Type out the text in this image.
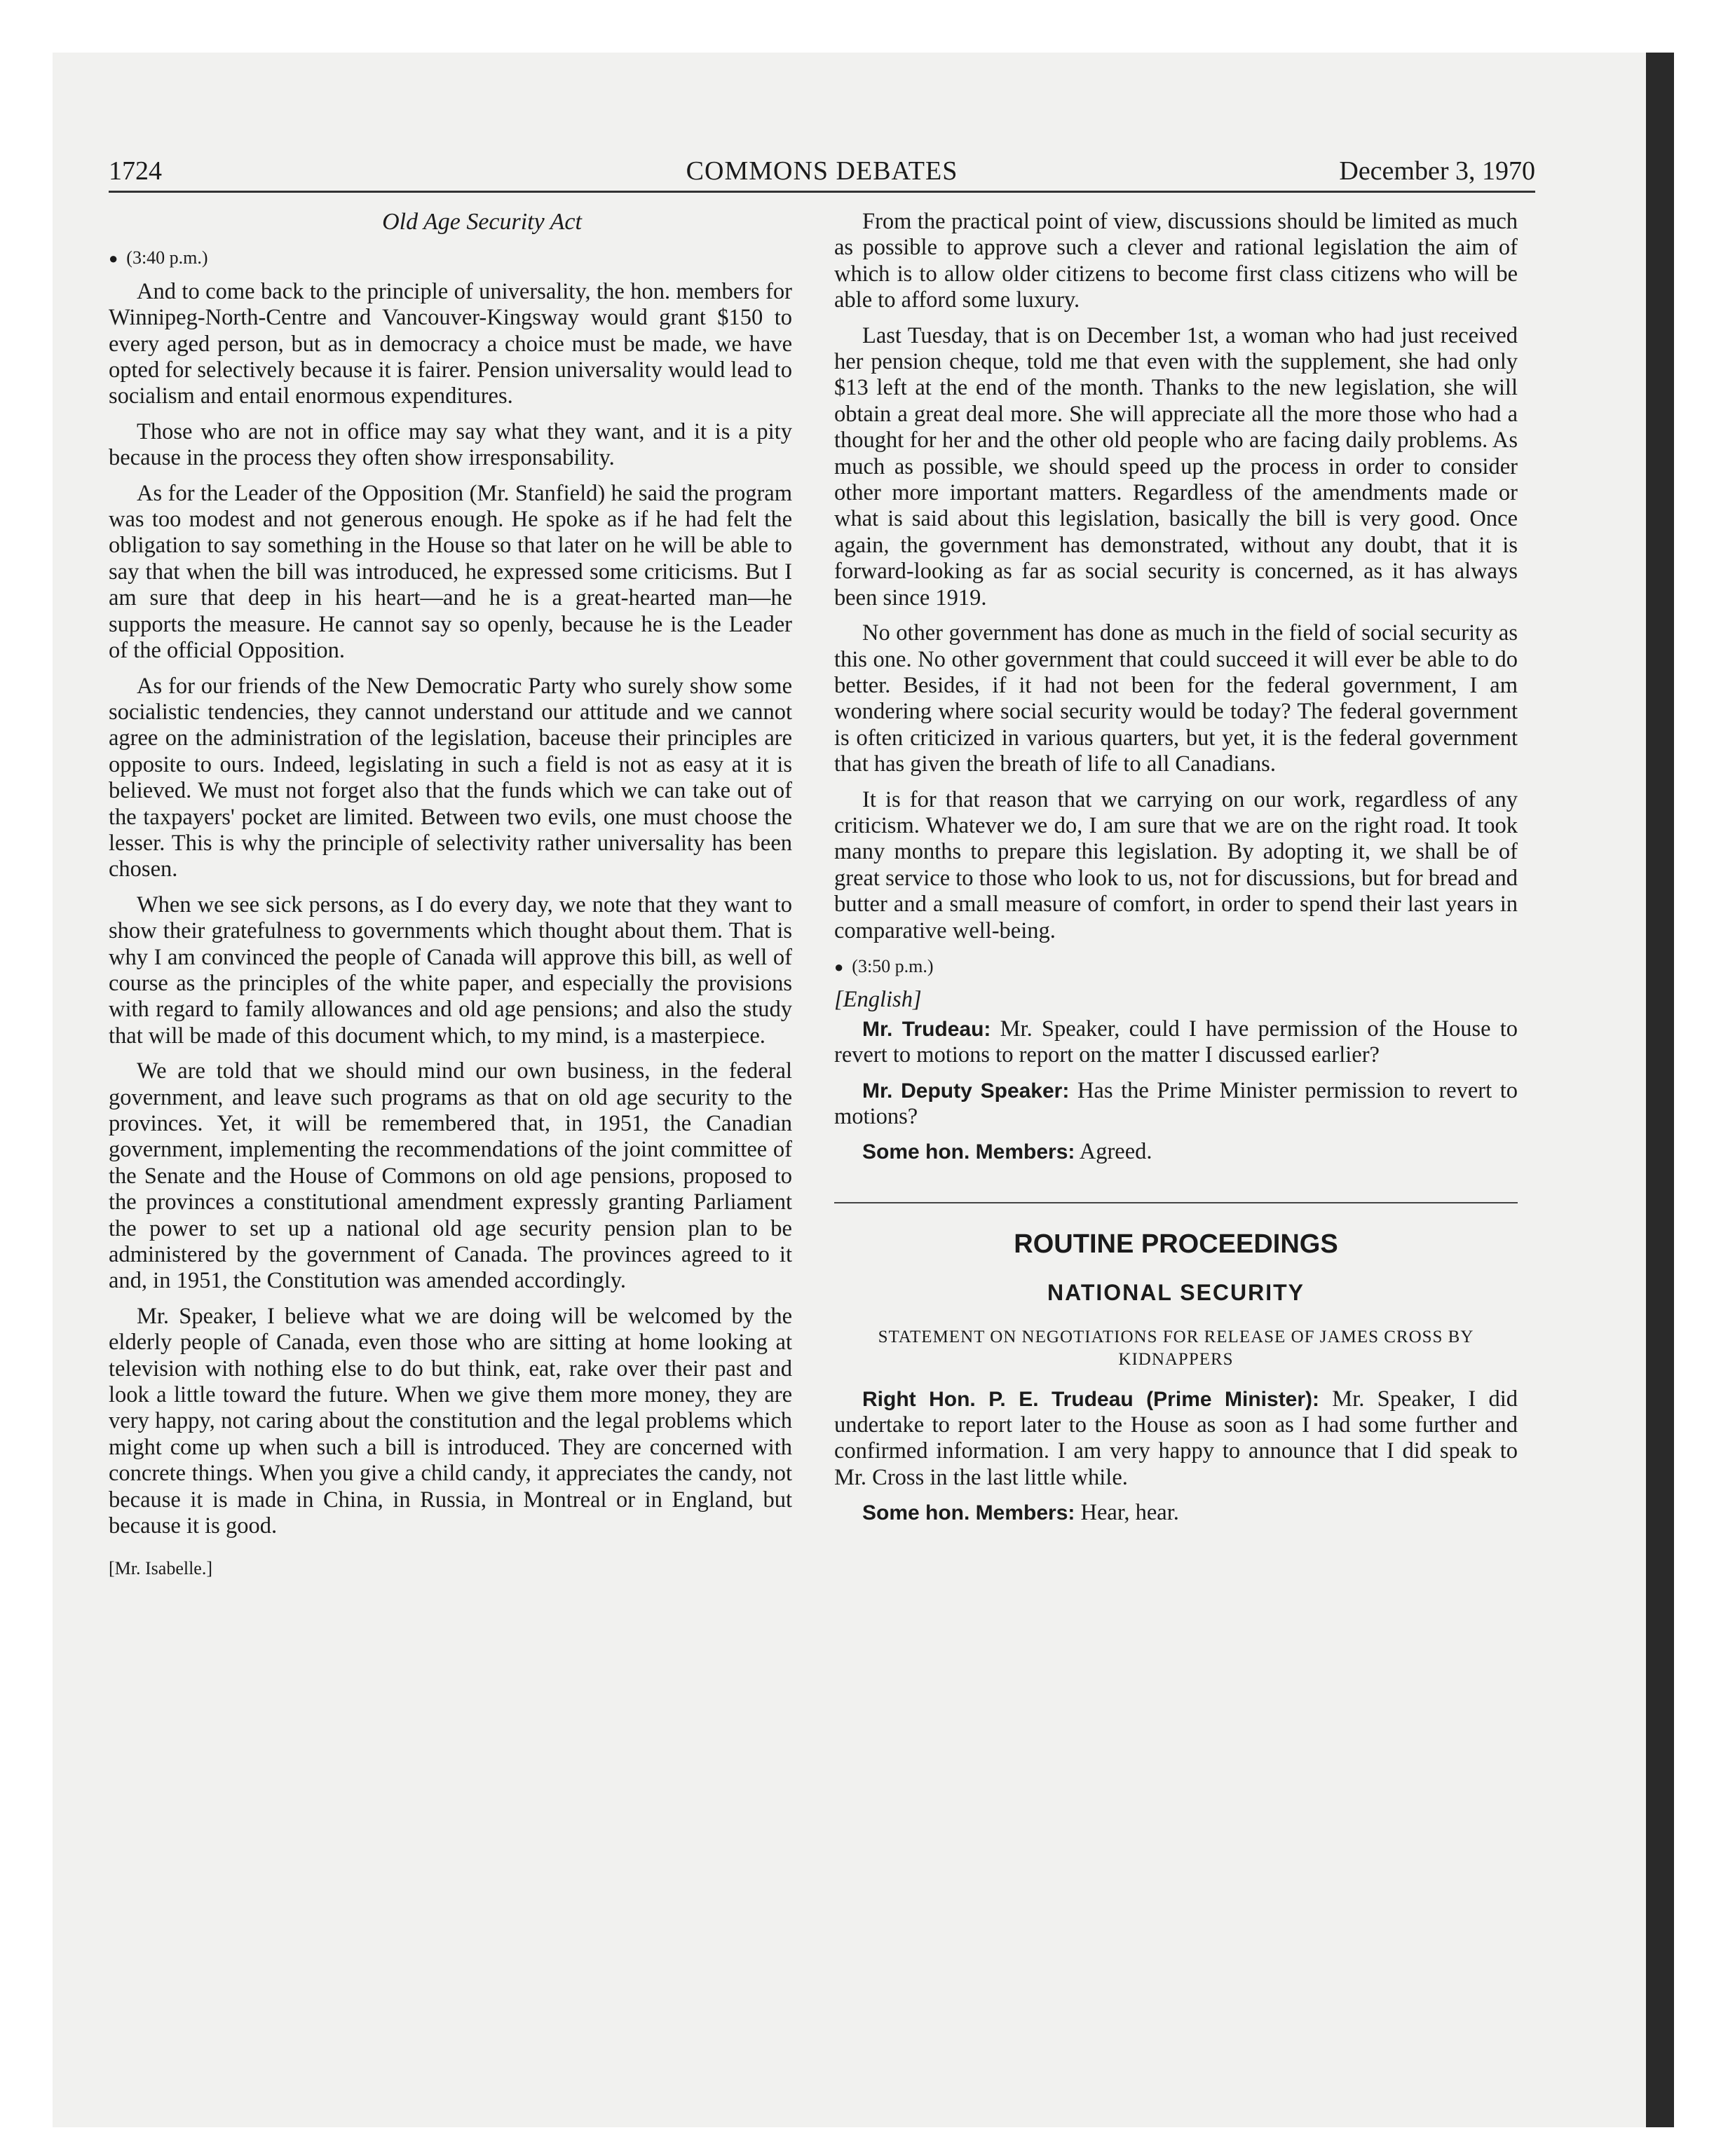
1724	COMMONS DEBATES	December 3, 1970
Old Age Security Act
● (3:40 p.m.)

And to come back to the principle of universality, the hon. members for Winnipeg-North-Centre and Vancouver-Kingsway would grant $150 to every aged person, but as in democracy a choice must be made, we have opted for selectively because it is fairer. Pension universality would lead to socialism and entail enormous expenditures.

Those who are not in office may say what they want, and it is a pity because in the process they often show irresponsability.

As for the Leader of the Opposition (Mr. Stanfield) he said the program was too modest and not generous enough. He spoke as if he had felt the obligation to say something in the House so that later on he will be able to say that when the bill was introduced, he expressed some criticisms. But I am sure that deep in his heart—and he is a great-hearted man—he supports the measure. He cannot say so openly, because he is the Leader of the official Opposition.

As for our friends of the New Democratic Party who surely show some socialistic tendencies, they cannot understand our attitude and we cannot agree on the administration of the legislation, baceuse their principles are opposite to ours. Indeed, legislating in such a field is not as easy at it is believed. We must not forget also that the funds which we can take out of the taxpayers' pocket are limited. Between two evils, one must choose the lesser. This is why the principle of selectivity rather universality has been chosen.

When we see sick persons, as I do every day, we note that they want to show their gratefulness to governments which thought about them. That is why I am convinced the people of Canada will approve this bill, as well of course as the principles of the white paper, and especially the provisions with regard to family allowances and old age pensions; and also the study that will be made of this document which, to my mind, is a masterpiece.

We are told that we should mind our own business, in the federal government, and leave such programs as that on old age security to the provinces. Yet, it will be remembered that, in 1951, the Canadian government, implementing the recommendations of the joint committee of the Senate and the House of Commons on old age pensions, proposed to the provinces a constitutional amendment expressly granting Parliament the power to set up a national old age security pension plan to be administered by the government of Canada. The provinces agreed to it and, in 1951, the Constitution was amended accordingly.

Mr. Speaker, I believe what we are doing will be welcomed by the elderly people of Canada, even those who are sitting at home looking at television with nothing else to do but think, eat, rake over their past and look a little toward the future. When we give them more money, they are very happy, not caring about the constitution and the legal problems which might come up when such a bill is introduced. They are concerned with concrete things. When you give a child candy, it appreciates the candy, not because it is made in China, in Russia, in Montreal or in England, but because it is good.

[Mr. Isabelle.]

From the practical point of view, discussions should be limited as much as possible to approve such a clever and rational legislation the aim of which is to allow older citizens to become first class citizens who will be able to afford some luxury.

Last Tuesday, that is on December 1st, a woman who had just received her pension cheque, told me that even with the supplement, she had only $13 left at the end of the month. Thanks to the new legislation, she will obtain a great deal more. She will appreciate all the more those who had a thought for her and the other old people who are facing daily problems. As much as possible, we should speed up the process in order to consider other more important matters. Regardless of the amendments made or what is said about this legislation, basically the bill is very good. Once again, the government has demonstrated, without any doubt, that it is forward-looking as far as social security is concerned, as it has always been since 1919.

No other government has done as much in the field of social security as this one. No other government that could succeed it will ever be able to do better. Besides, if it had not been for the federal government, I am wondering where social security would be today? The federal government is often criticized in various quarters, but yet, it is the federal government that has given the breath of life to all Canadians.

It is for that reason that we carrying on our work, regardless of any criticism. Whatever we do, I am sure that we are on the right road. It took many months to prepare this legislation. By adopting it, we shall be of great service to those who look to us, not for discussions, but for bread and butter and a small measure of comfort, in order to spend their last years in comparative well-being.

● (3:50 p.m.)
[English]

Mr. Trudeau: Mr. Speaker, could I have permission of the House to revert to motions to report on the matter I discussed earlier?

Mr. Deputy Speaker: Has the Prime Minister permission to revert to motions?

Some hon. Members: Agreed.

ROUTINE PROCEEDINGS
NATIONAL SECURITY
STATEMENT ON NEGOTIATIONS FOR RELEASE OF JAMES CROSS BY KIDNAPPERS

Right Hon. P. E. Trudeau (Prime Minister): Mr. Speaker, I did undertake to report later to the House as soon as I had some further and confirmed information. I am very happy to announce that I did speak to Mr. Cross in the last little while.

Some hon. Members: Hear, hear.
